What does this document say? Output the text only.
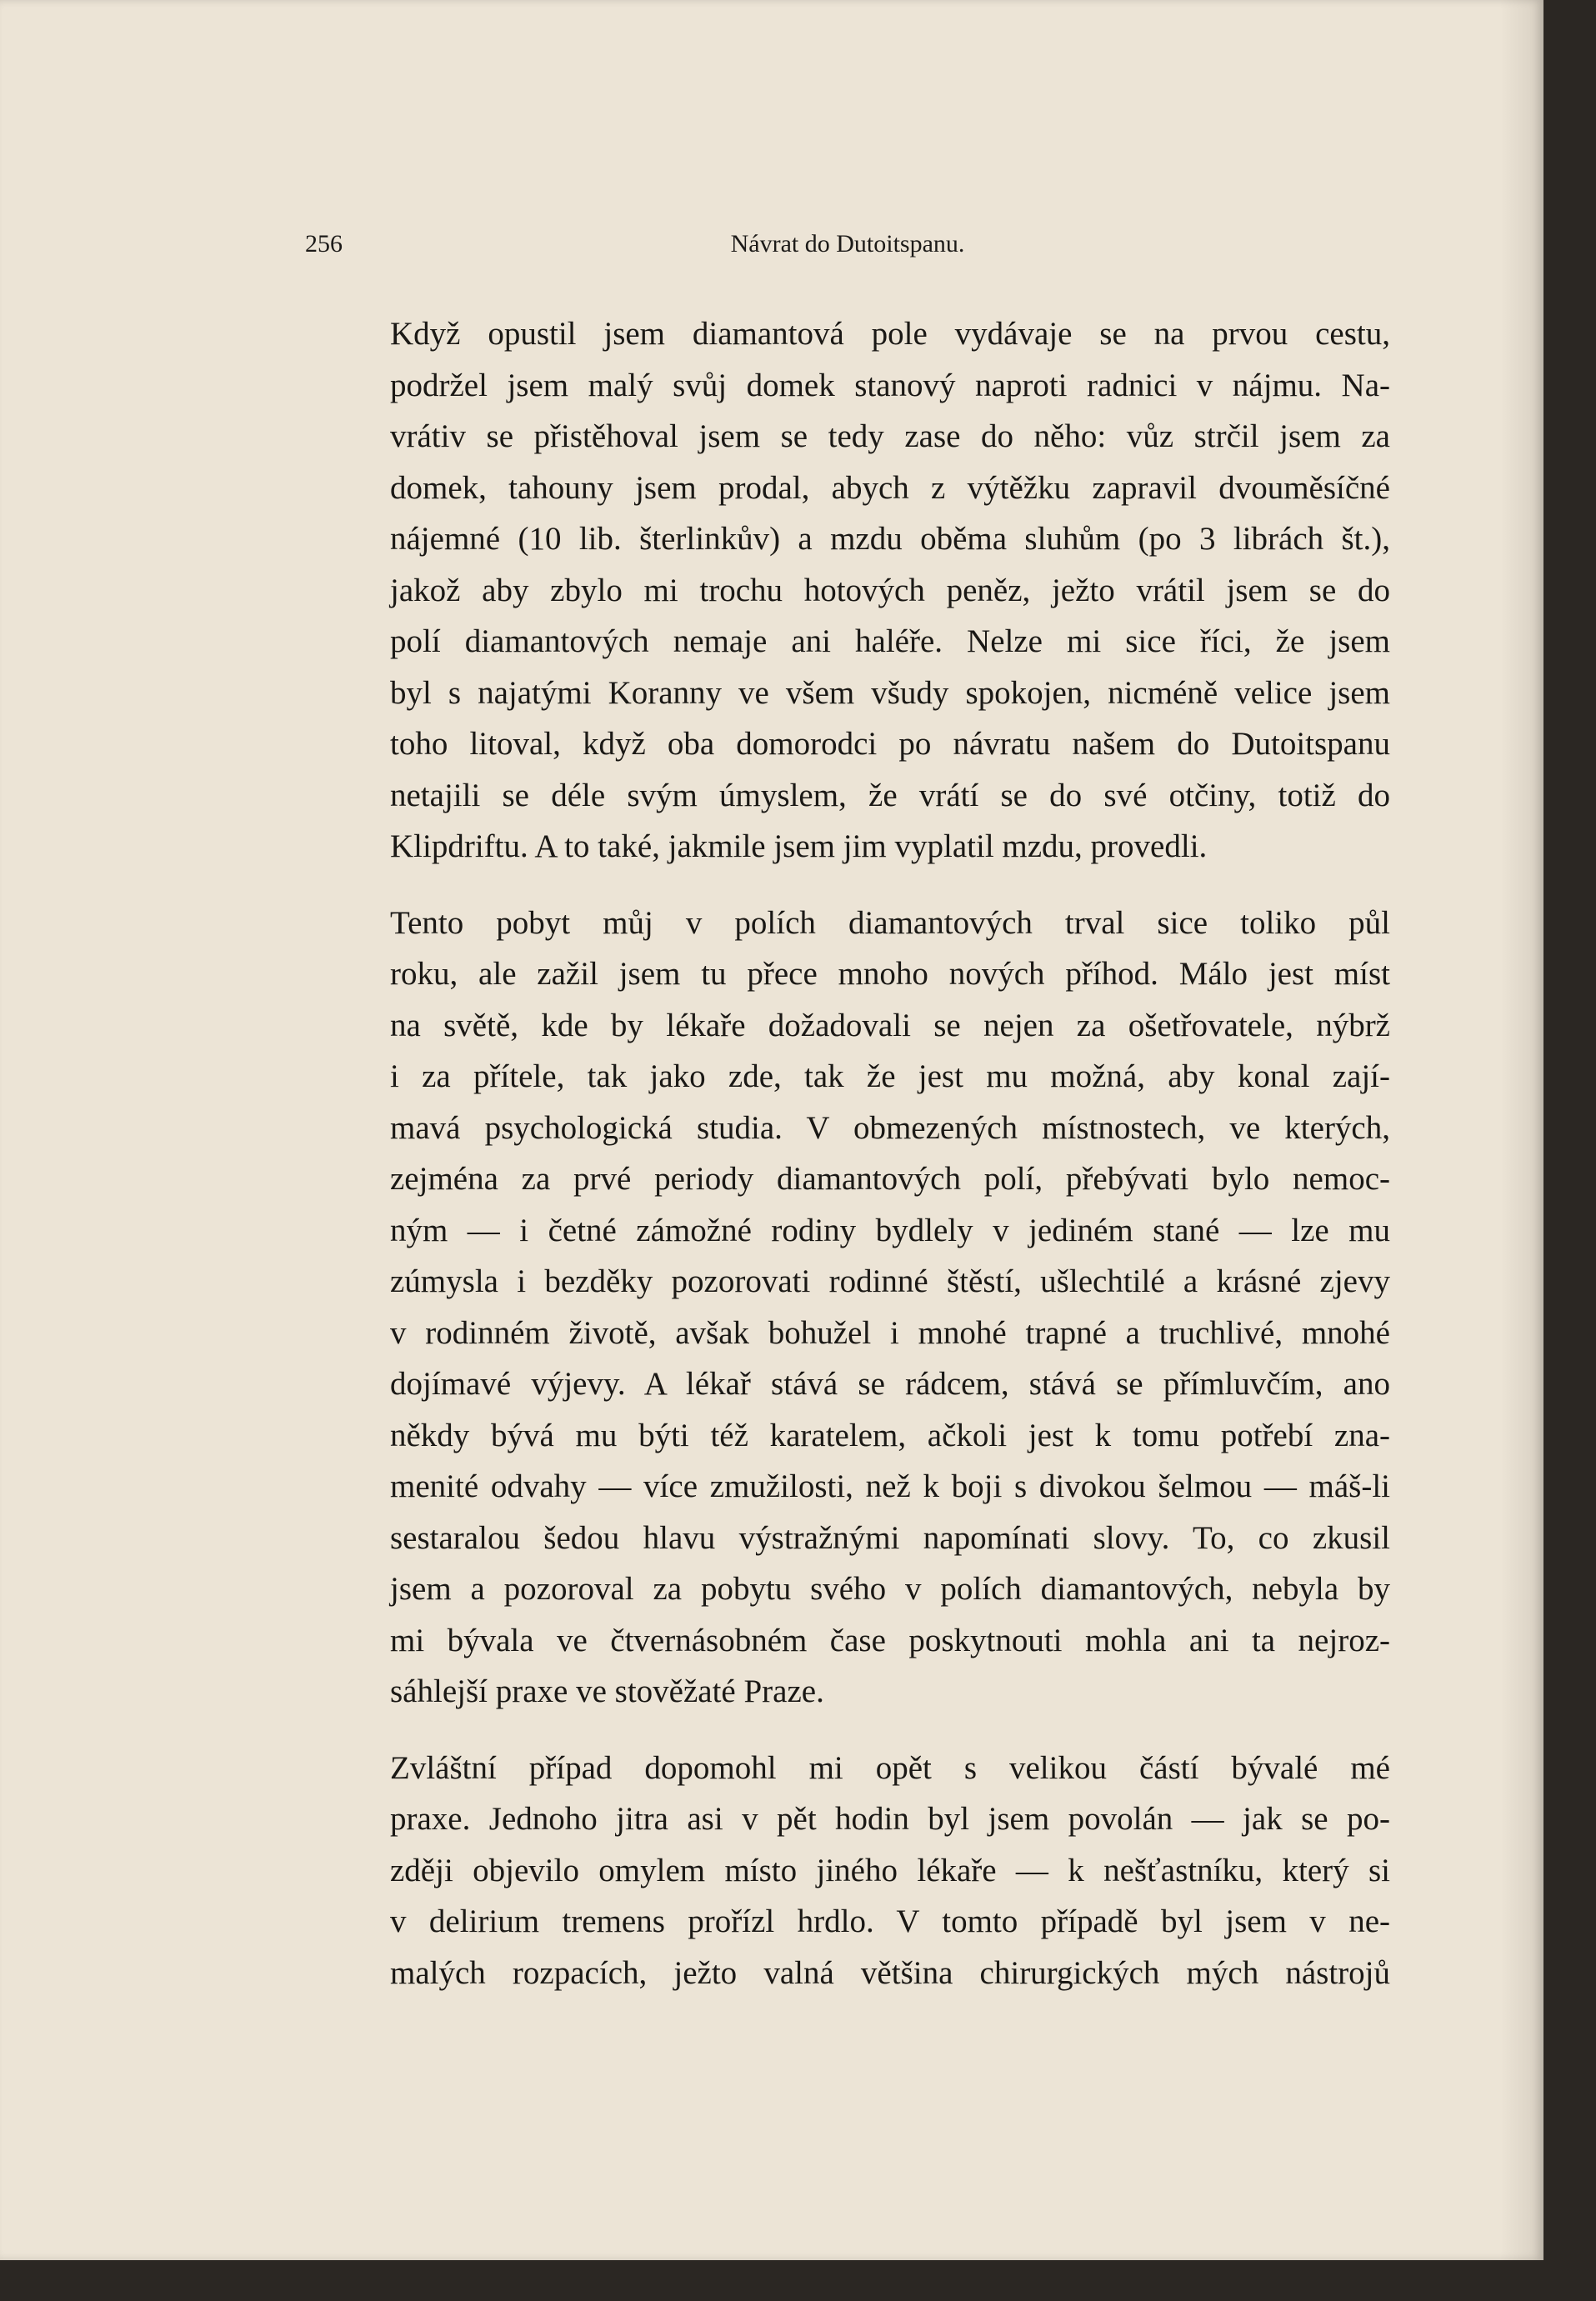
256	Návrat do Dutoitspanu.

Když opustil jsem diamantová pole vydávaje se na prvou cestu,
podržel jsem malý svůj domek stanový naproti radnici v nájmu. Na-
vrátiv se přistěhoval jsem se tedy zase do něho: vůz strčil jsem za
domek, tahouny jsem prodal, abych z výtěžku zapravil dvouměsíčné
nájemné (10 lib. šterlinkův) a mzdu oběma sluhům (po 3 librách št.),
jakož aby zbylo mi trochu hotových peněz, ježto vrátil jsem se do
polí diamantových nemaje ani haléře. Nelze mi sice říci, že jsem
byl s najatými Koranny ve všem všudy spokojen, nicméně velice jsem
toho litoval, když oba domorodci po návratu našem do Dutoitspanu
netajili se déle svým úmyslem, že vrátí se do své otčiny, totiž do
Klipdriftu. A to také, jakmile jsem jim vyplatil mzdu, provedli.

Tento pobyt můj v polích diamantových trval sice toliko půl
roku, ale zažil jsem tu přece mnoho nových příhod. Málo jest míst
na světě, kde by lékaře dožadovali se nejen za ošetřovatele, nýbrž
i za přítele, tak jako zde, tak že jest mu možná, aby konal zají-
mavá psychologická studia. V obmezených místnostech, ve kterých,
zejména za prvé periody diamantových polí, přebývati bylo nemoc-
ným — i četné zámožné rodiny bydlely v jediném stané — lze mu
zúmysla i bezděky pozorovati rodinné štěstí, ušlechtilé a krásné zjevy
v rodinném životě, avšak bohužel i mnohé trapné a truchlivé, mnohé
dojímavé výjevy. A lékař stává se rádcem, stává se přímluvčím, ano
někdy bývá mu býti též karatelem, ačkoli jest k tomu potřebí zna-
menité odvahy — více zmužilosti, než k boji s divokou šelmou — máš-li
sestaralou šedou hlavu výstražnými napomínati slovy. To, co zkusil
jsem a pozoroval za pobytu svého v polích diamantových, nebyla by
mi bývala ve čtvernásobném čase poskytnouti mohla ani ta nejroz-
sáhlejší praxe ve stověžaté Praze.

Zvláštní případ dopomohl mi opět s velikou částí bývalé mé
praxe. Jednoho jitra asi v pět hodin byl jsem povolán — jak se po-
zději objevilo omylem místo jiného lékaře — k nešťastníku, který si
v delirium tremens prořízl hrdlo. V tomto případě byl jsem v ne-
malých rozpacích, ježto valná většina chirurgických mých nástrojů
